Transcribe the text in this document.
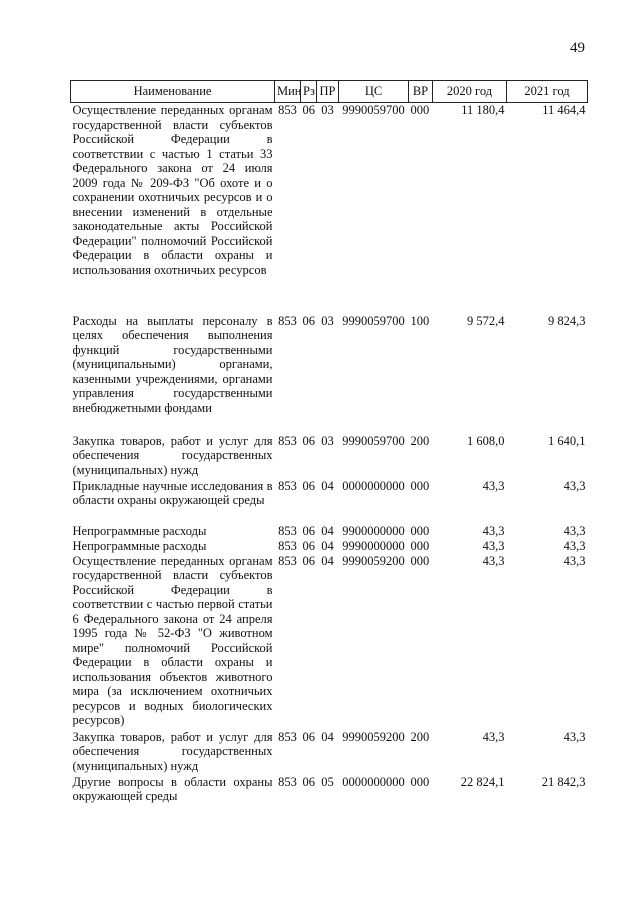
49
Наименование	Мин	Рз	ПР	ЦС	ВР	2020 год	2021 год
Осуществление переданных органам государственной власти субъектов Российской Федерации в соответствии с частью 1 статьи 33 Федерального закона от 24 июля 2009 года № 209-ФЗ "Об охоте и о сохранении охотничьих ресурсов и о внесении изменений в отдельные законодательные акты Российской Федерации" полномочий Российской Федерации в области охраны и использования охотничьих ресурсов	853	06	03	9990059700	000	11 180,4	11 464,4
Расходы на выплаты персоналу в целях обеспечения выполнения функций государственными (муниципальными) органами, казенными учреждениями, органами управления государственными внебюджетными фондами	853	06	03	9990059700	100	9 572,4	9 824,3
Закупка товаров, работ и услуг для обеспечения государственных (муниципальных) нужд	853	06	03	9990059700	200	1 608,0	1 640,1
Прикладные научные исследования в области охраны окружающей среды	853	06	04	0000000000	000	43,3	43,3
Непрограммные расходы	853	06	04	9900000000	000	43,3	43,3
Непрограммные расходы	853	06	04	9990000000	000	43,3	43,3
Осуществление переданных органам государственной власти субъектов Российской Федерации в соответствии с частью первой статьи 6 Федерального закона от 24 апреля 1995 года № 52-ФЗ "О животном мире" полномочий Российской Федерации в области охраны и использования объектов животного мира (за исключением охотничьих ресурсов и водных биологических ресурсов)	853	06	04	9990059200	000	43,3	43,3
Закупка товаров, работ и услуг для обеспечения государственных (муниципальных) нужд	853	06	04	9990059200	200	43,3	43,3
Другие вопросы в области охраны окружающей среды	853	06	05	0000000000	000	22 824,1	21 842,3
